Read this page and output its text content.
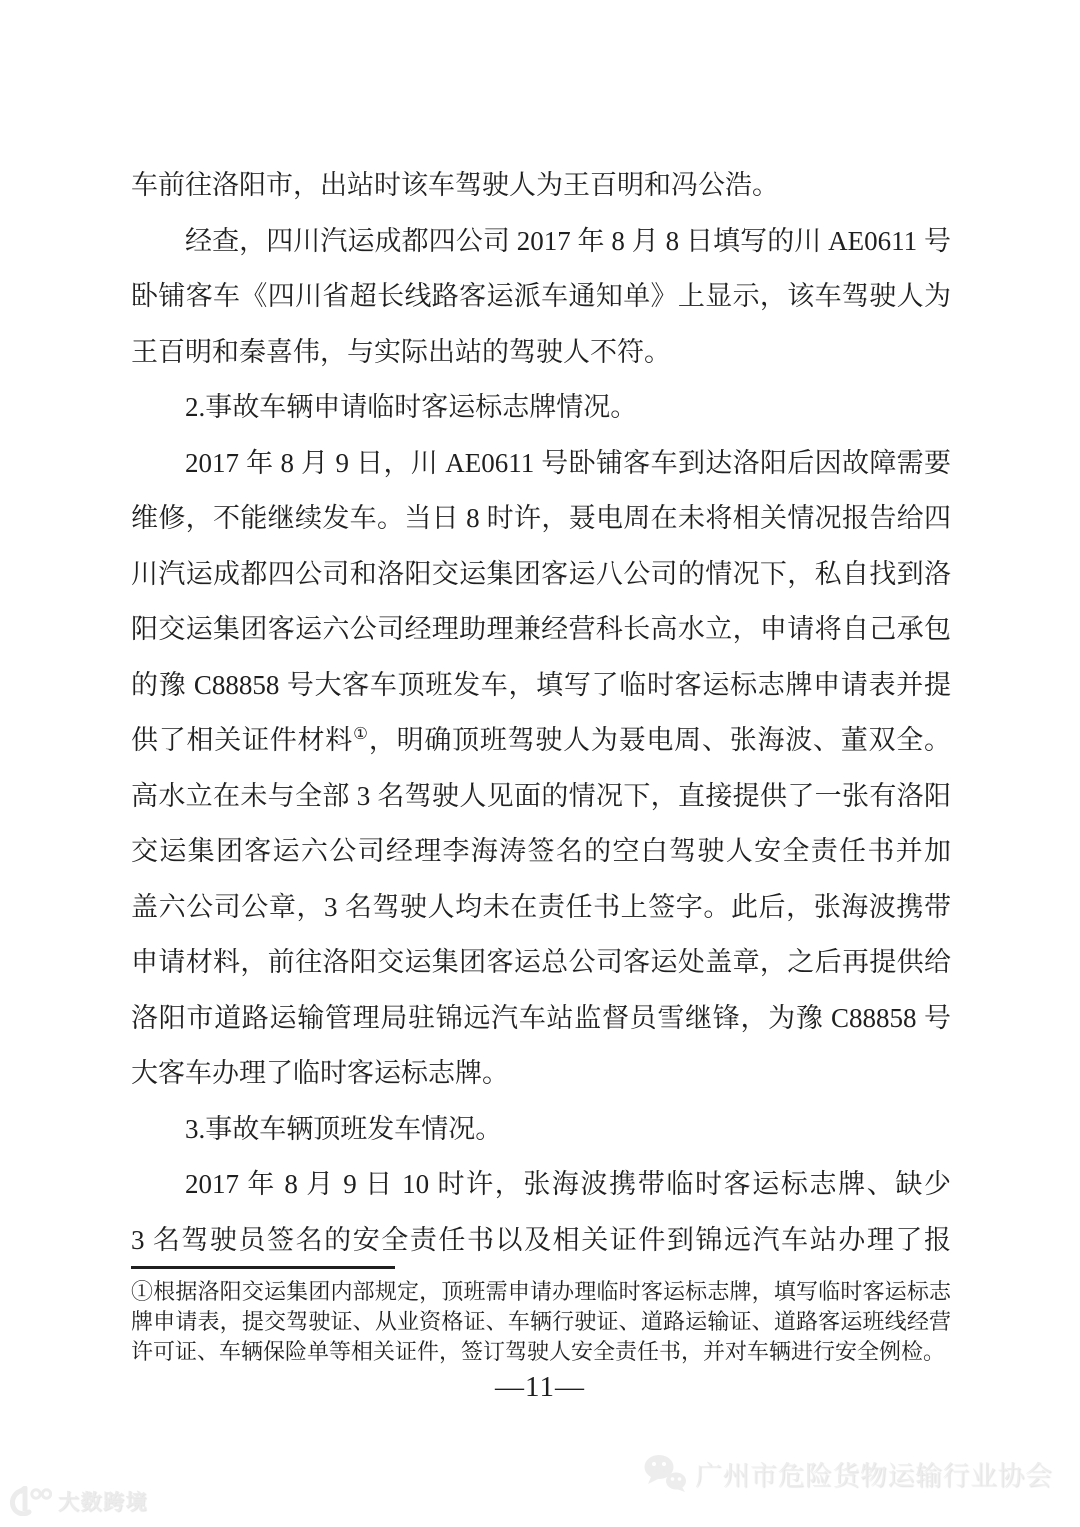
车前往洛阳市，出站时该车驾驶人为王百明和冯公浩。
经查，四川汽运成都四公司 2017 年 8 月 8 日填写的川 AE0611 号
卧铺客车《四川省超长线路客运派车通知单》上显示，该车驾驶人为
王百明和秦喜伟，与实际出站的驾驶人不符。
2.事故车辆申请临时客运标志牌情况。
2017 年 8 月 9 日，川 AE0611 号卧铺客车到达洛阳后因故障需要
维修，不能继续发车。当日 8 时许，聂电周在未将相关情况报告给四
川汽运成都四公司和洛阳交运集团客运八公司的情况下，私自找到洛
阳交运集团客运六公司经理助理兼经营科长高水立，申请将自己承包
的豫 C88858 号大客车顶班发车，填写了临时客运标志牌申请表并提
供了相关证件材料①，明确顶班驾驶人为聂电周、张海波、董双全。
高水立在未与全部 3 名驾驶人见面的情况下，直接提供了一张有洛阳
交运集团客运六公司经理李海涛签名的空白驾驶人安全责任书并加
盖六公司公章，3 名驾驶人均未在责任书上签字。此后，张海波携带
申请材料，前往洛阳交运集团客运总公司客运处盖章，之后再提供给
洛阳市道路运输管理局驻锦远汽车站监督员雪继锋，为豫 C88858 号
大客车办理了临时客运标志牌。
3.事故车辆顶班发车情况。
2017 年 8 月 9 日 10 时许，张海波携带临时客运标志牌、缺少
3 名驾驶员签名的安全责任书以及相关证件到锦远汽车站办理了报
①根据洛阳交运集团内部规定，顶班需申请办理临时客运标志牌，填写临时客运标志
牌申请表，提交驾驶证、从业资格证、车辆行驶证、道路运输证、道路客运班线经营
许可证、车辆保险单等相关证件，签订驾驶人安全责任书，并对车辆进行安全例检。
—11—
大数跨境
广州市危险货物运输行业协会
